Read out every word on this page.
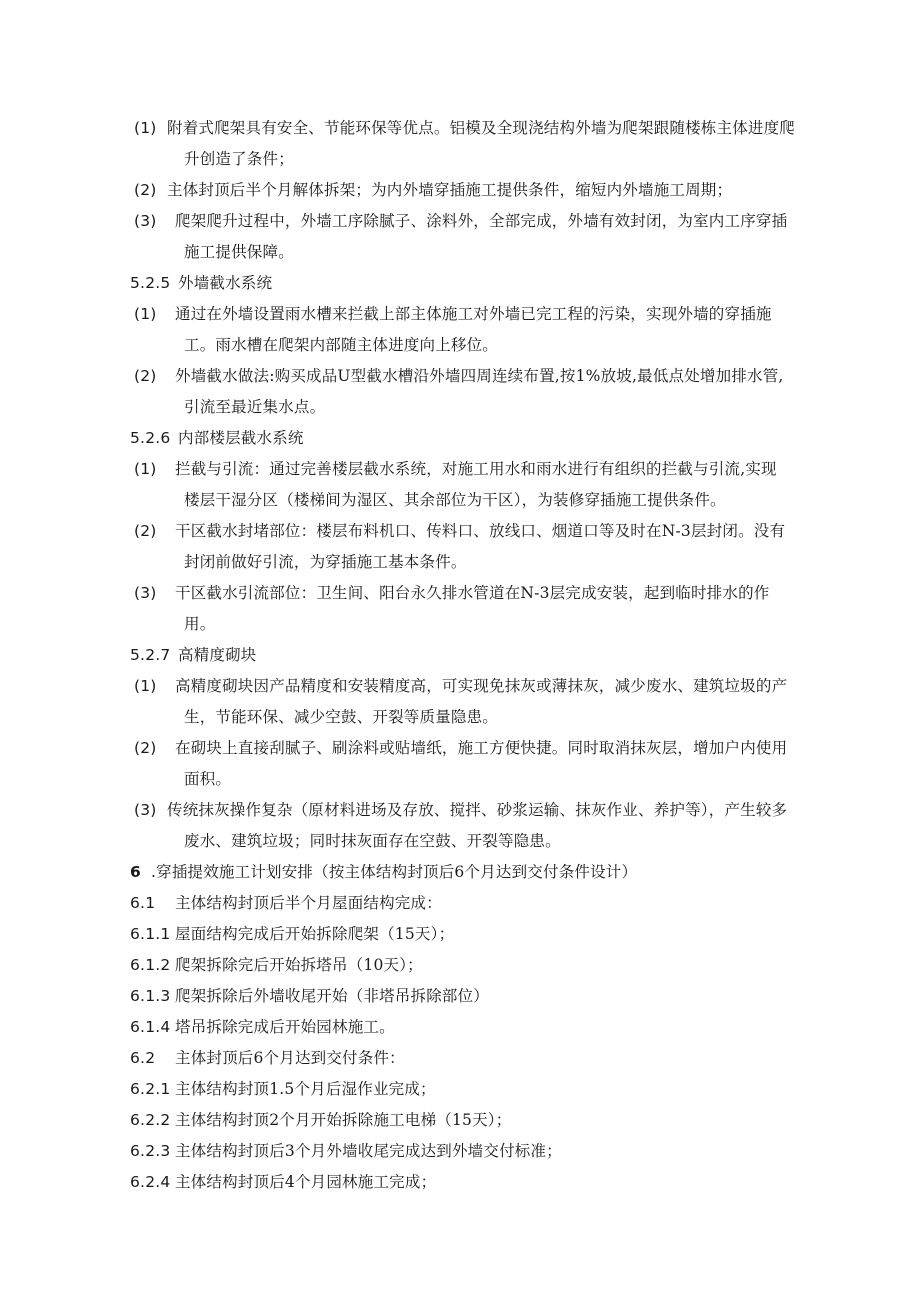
(1) 附着式爬架具有安全、节能环保等优点。铝模及全现浇结构外墙为爬架跟随楼栋主体进度爬
升创造了条件；
(2) 主体封顶后半个月解体拆架；为内外墙穿插施工提供条件，缩短内外墙施工周期；
(3) 爬架爬升过程中，外墙工序除腻子、涂料外，全部完成，外墙有效封闭，为室内工序穿插
施工提供保障。
5.2.5 外墙截水系统
(1) 通过在外墙设置雨水槽来拦截上部主体施工对外墙已完工程的污染，实现外墙的穿插施
工。雨水槽在爬架内部随主体进度向上移位。
(2) 外墙截水做法:购买成品U型截水槽沿外墙四周连续布置,按1%放坡,最低点处增加排水管,
引流至最近集水点。
5.2.6 内部楼层截水系统
(1) 拦截与引流：通过完善楼层截水系统，对施工用水和雨水进行有组织的拦截与引流,实现
楼层干湿分区（楼梯间为湿区、其余部位为干区），为装修穿插施工提供条件。
(2) 干区截水封堵部位：楼层布料机口、传料口、放线口、烟道口等及时在N-3层封闭。没有
封闭前做好引流，为穿插施工基本条件。
(3) 干区截水引流部位：卫生间、阳台永久排水管道在N-3层完成安装，起到临时排水的作
用。
5.2.7 高精度砌块
(1) 高精度砌块因产品精度和安装精度高，可实现免抹灰或薄抹灰，减少废水、建筑垃圾的产
生，节能环保、减少空鼓、开裂等质量隐患。
(2) 在砌块上直接刮腻子、刷涂料或贴墙纸，施工方便快捷。同时取消抹灰层，增加户内使用
面积。
(3) 传统抹灰操作复杂（原材料进场及存放、搅拌、砂浆运输、抹灰作业、养护等），产生较多
废水、建筑垃圾；同时抹灰面存在空鼓、开裂等隐患。
6 .穿插提效施工计划安排（按主体结构封顶后6个月达到交付条件设计）
6.1 主体结构封顶后半个月屋面结构完成：
6.1.1 屋面结构完成后开始拆除爬架（15天）；
6.1.2 爬架拆除完后开始拆塔吊（10天）；
6.1.3 爬架拆除后外墙收尾开始（非塔吊拆除部位）
6.1.4 塔吊拆除完成后开始园林施工。
6.2 主体封顶后6个月达到交付条件：
6.2.1 主体结构封顶1.5个月后湿作业完成；
6.2.2 主体结构封顶2个月开始拆除施工电梯（15天）；
6.2.3 主体结构封顶后3个月外墙收尾完成达到外墙交付标准；
6.2.4 主体结构封顶后4个月园林施工完成；
